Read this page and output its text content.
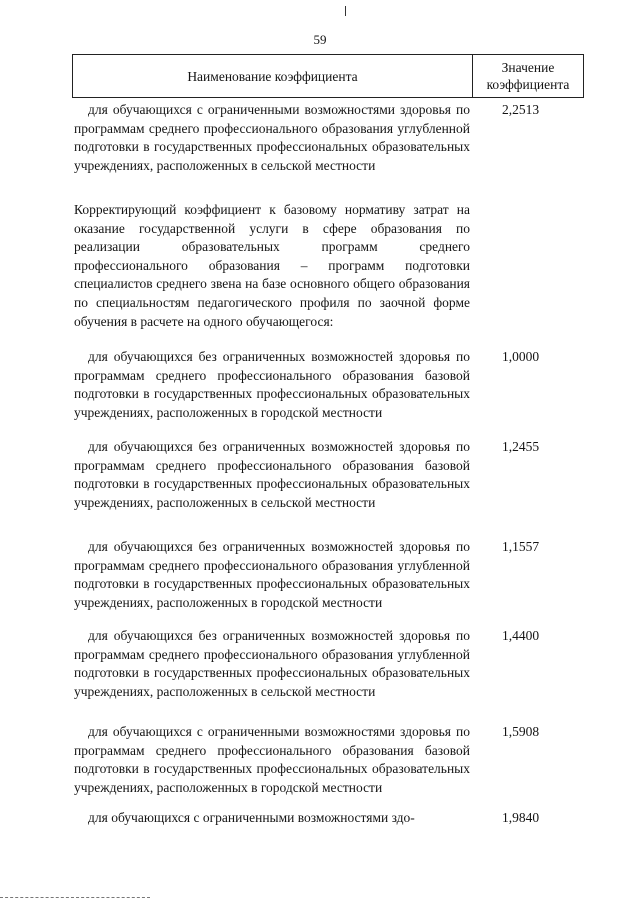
59
Наименование коэффициента
Значение
коэффициента
для обучающихся с ограниченными возможностями здоровья по программам среднего профессионального образования углубленной подготовки в государственных профессиональных образовательных учреждениях, расположенных в сельской местности
2,2513
Корректирующий коэффициент к базовому нормативу затрат на оказание государственной услуги в сфере образования по реализации образовательных программ среднего профессионального образования – программ подготовки специалистов среднего звена на базе основного общего образования по специальностям педагогического профиля по заочной форме обучения в расчете на одного обучающегося:
для обучающихся без ограниченных возможностей здоровья по программам среднего профессионального образования базовой подготовки в государственных профессиональных образовательных учреждениях, расположенных в городской местности
1,0000
для обучающихся без ограниченных возможностей здоровья по программам среднего профессионального образования базовой подготовки в государственных профессиональных образовательных учреждениях, расположенных в сельской местности
1,2455
для обучающихся без ограниченных возможностей здоровья по программам среднего профессионального образования углубленной подготовки в государственных профессиональных образовательных учреждениях, расположенных в городской местности
1,1557
для обучающихся без ограниченных возможностей здоровья по программам среднего профессионального образования углубленной подготовки в государственных профессиональных образовательных учреждениях, расположенных в сельской местности
1,4400
для обучающихся с ограниченными возможностями здоровья по программам среднего профессионального образования базовой подготовки в государственных профессиональных образовательных учреждениях, расположенных в городской местности
1,5908
для обучающихся с ограниченными возможностями здо-	1,9840
